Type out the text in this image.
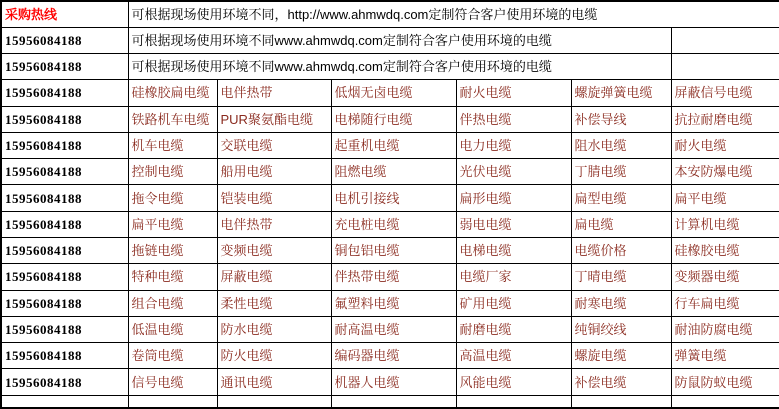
采购热线	可根据现场使用环境不同，http://www.ahmwdq.com定制符合客户使用环境的电缆					
15956084188	可根据现场使用环境不同www.ahmwdq.com定制符合客户使用环境的电缆					
15956084188	可根据现场使用环境不同www.ahmwdq.com定制符合客户使用环境的电缆					
15956084188	硅橡胶扁电缆	电伴热带	低烟无卤电缆	耐火电缆	螺旋弹簧电缆	屏蔽信号电缆
15956084188	铁路机车电缆	PUR聚氨酯电缆	电梯随行电缆	伴热电缆	补偿导线	抗拉耐磨电缆
15956084188	机车电缆	交联电缆	起重机电缆	电力电缆	阻水电缆	耐火电缆
15956084188	控制电缆	船用电缆	阻燃电缆	光伏电缆	丁腈电缆	本安防爆电缆
15956084188	拖令电缆	铠装电缆	电机引接线	扁形电缆	扁型电缆	扁平电缆
15956084188	扁平电缆	电伴热带	充电桩电缆	弱电电缆	扁电缆	计算机电缆
15956084188	拖链电缆	变频电缆	铜包铝电缆	电梯电缆	电缆价格	硅橡胶电缆
15956084188	特种电缆	屏蔽电缆	伴热带电缆	电缆厂家	丁晴电缆	变频器电缆
15956084188	组合电缆	柔性电缆	氟塑料电缆	矿用电缆	耐寒电缆	行车扁电缆
15956084188	低温电缆	防水电缆	耐高温电缆	耐磨电缆	纯铜绞线	耐油防腐电缆
15956084188	卷筒电缆	防火电缆	编码器电缆	高温电缆	螺旋电缆	弹簧电缆
15956084188	信号电缆	通讯电缆	机器人电缆	风能电缆	补偿电缆	防鼠防蚁电缆
